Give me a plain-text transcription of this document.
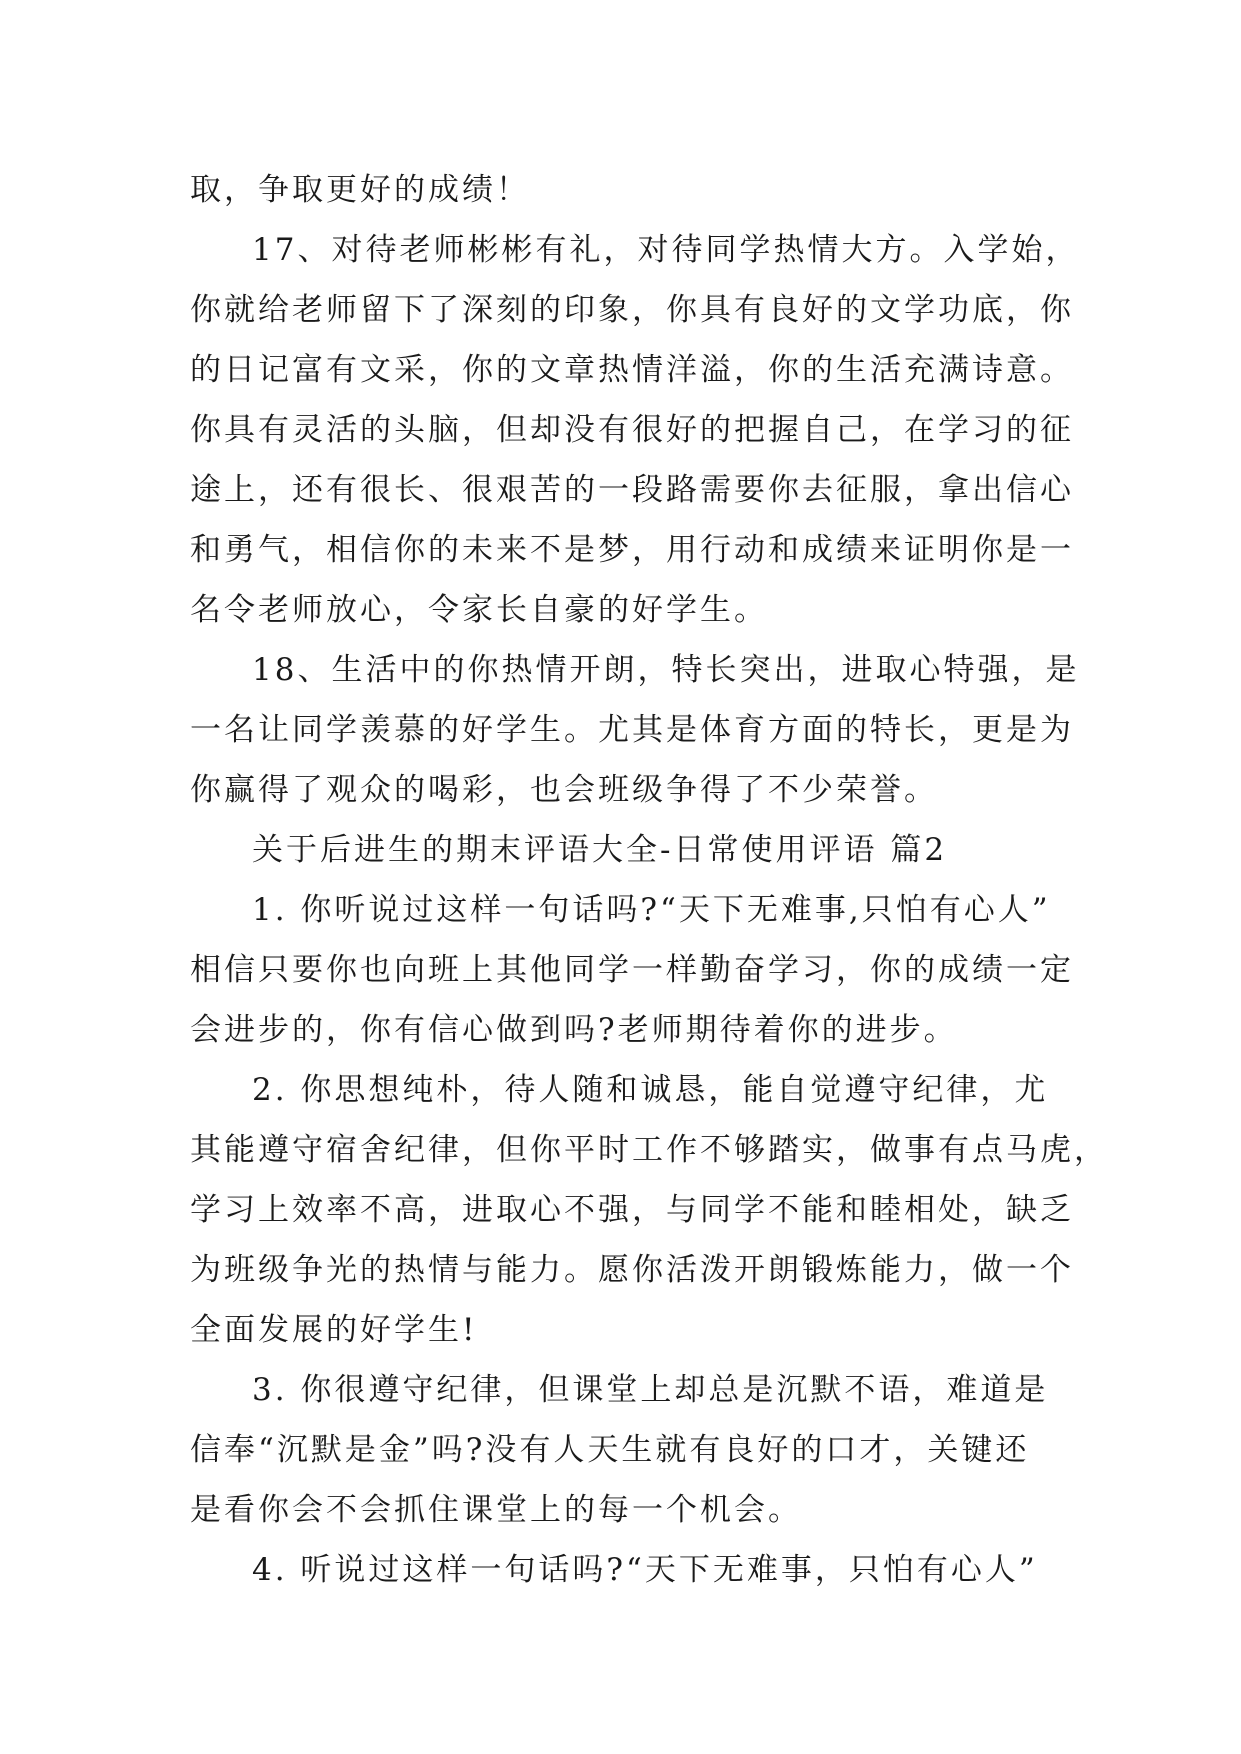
取，争取更好的成绩！
17、对待老师彬彬有礼，对待同学热情大方。入学始，
你就给老师留下了深刻的印象，你具有良好的文学功底，你
的日记富有文采，你的文章热情洋溢，你的生活充满诗意。
你具有灵活的头脑，但却没有很好的把握自己，在学习的征
途上，还有很长、很艰苦的一段路需要你去征服，拿出信心
和勇气，相信你的未来不是梦，用行动和成绩来证明你是一
名令老师放心，令家长自豪的好学生。
18、生活中的你热情开朗，特长突出，进取心特强，是
一名让同学羡慕的好学生。尤其是体育方面的特长，更是为
你赢得了观众的喝彩，也会班级争得了不少荣誉。
关于后进生的期末评语大全-日常使用评语 篇2
1. 你听说过这样一句话吗?“天下无难事,只怕有心人”
相信只要你也向班上其他同学一样勤奋学习，你的成绩一定
会进步的，你有信心做到吗?老师期待着你的进步。
2. 你思想纯朴，待人随和诚恳，能自觉遵守纪律，尤
其能遵守宿舍纪律，但你平时工作不够踏实，做事有点马虎，
学习上效率不高，进取心不强，与同学不能和睦相处，缺乏
为班级争光的热情与能力。愿你活泼开朗锻炼能力，做一个
全面发展的好学生!
3. 你很遵守纪律，但课堂上却总是沉默不语，难道是
信奉“沉默是金”吗?没有人天生就有良好的口才，关键还
是看你会不会抓住课堂上的每一个机会。
4. 听说过这样一句话吗?“天下无难事，只怕有心人”
